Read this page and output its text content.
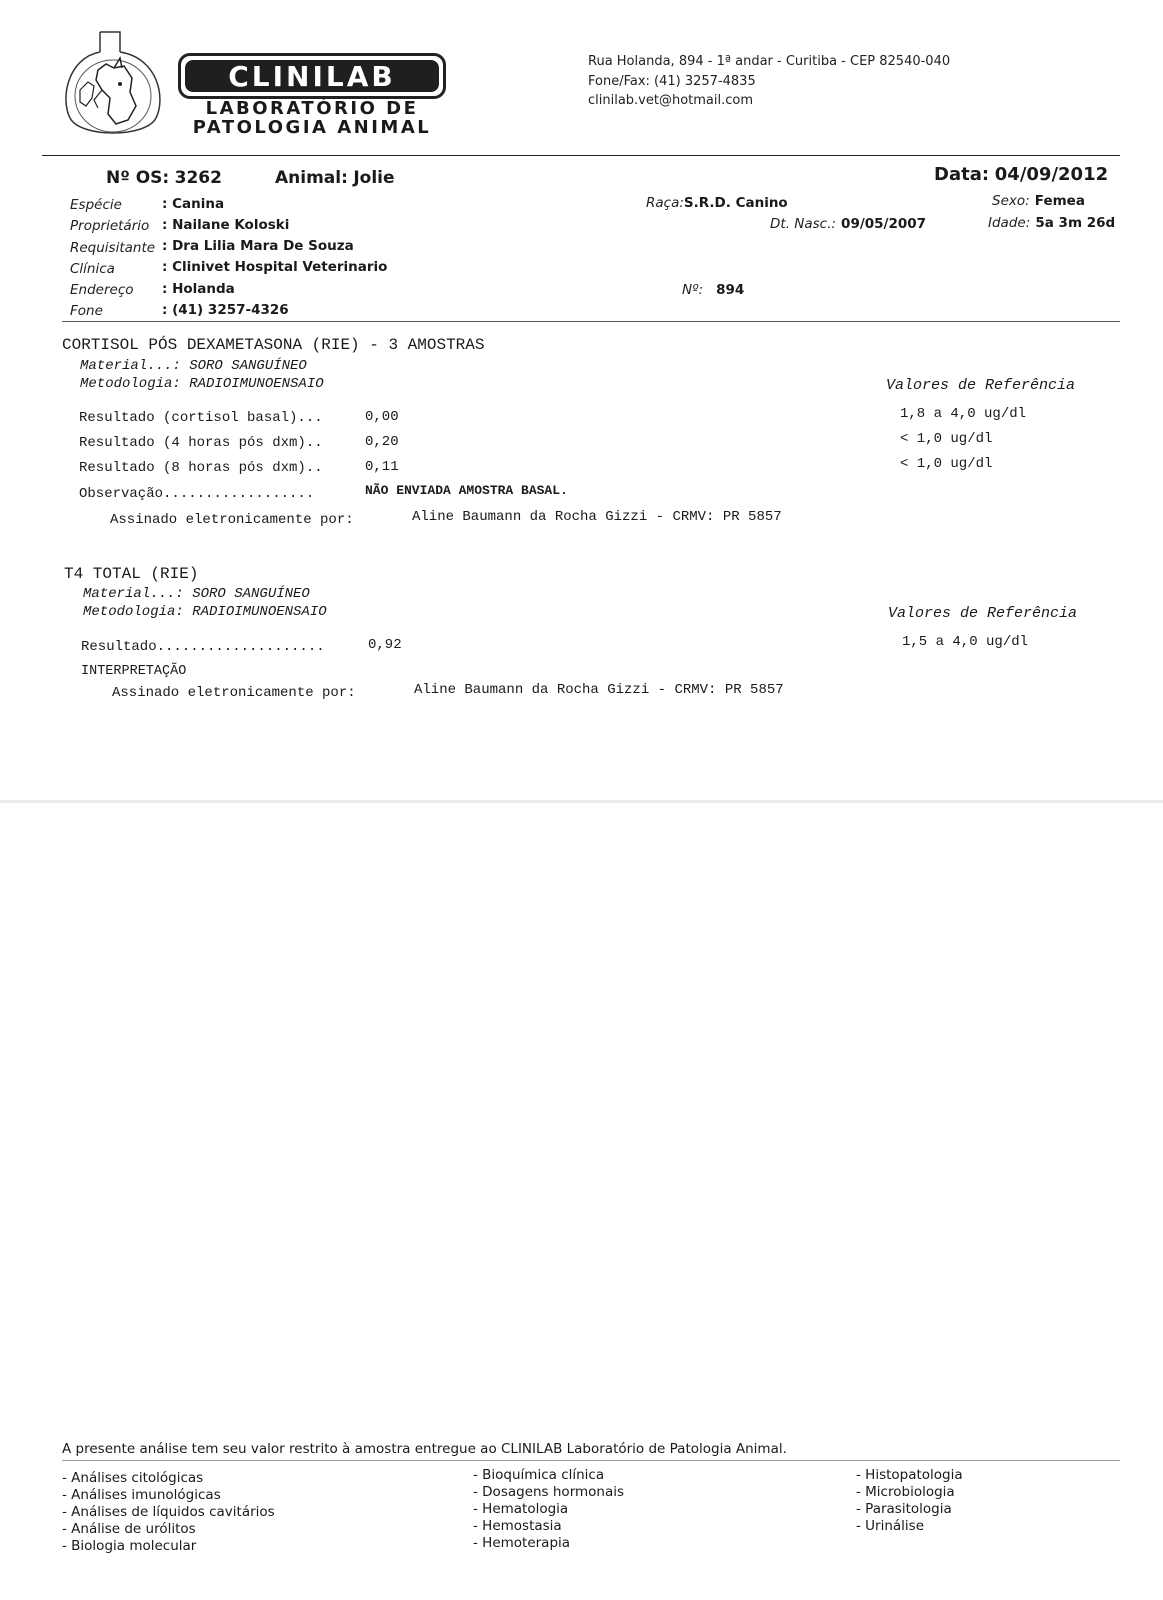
CLINILAB
LABORATÓRIO DE
PATOLOGIA ANIMAL
Rua Holanda, 894 - 1ª andar - Curitiba - CEP 82540-040
Fone/Fax: (41) 3257-4835
clinilab.vet@hotmail.com
Nº OS: 3262	Animal: Jolie	Data: 04/09/2012
Espécie	: Canina
Proprietário : Nailane Koloski
Requisitante : Dra Lilia Mara De Souza
Clínica	: Clinivet Hospital Veterinario
Endereço : Holanda
Fone	: (41) 3257-4326
Raça:S.R.D. Canino	Sexo: Femea
Dt. Nasc.: 09/05/2007	Idade: 5a 3m 26d
Nº: 894
CORTISOL PÓS DEXAMETASONA (RIE) - 3 AMOSTRAS
Material...: SORO SANGUÍNEO
Metodologia: RADIOIMUNOENSAIO	Valores de Referência
Resultado (cortisol basal)...	0,00	1,8 a 4,0 ug/dl
Resultado (4 horas pós dxm)..	0,20	< 1,0 ug/dl
Resultado (8 horas pós dxm)..	0,11	< 1,0 ug/dl
Observação..................	NÃO ENVIADA AMOSTRA BASAL.
Assinado eletronicamente por:	Aline Baumann da Rocha Gizzi - CRMV: PR 5857
T4 TOTAL (RIE)
Material...: SORO SANGUÍNEO
Metodologia: RADIOIMUNOENSAIO	Valores de Referência
Resultado....................	0,92	1,5 a 4,0 ug/dl
INTERPRETAÇÃO
Assinado eletronicamente por:	Aline Baumann da Rocha Gizzi - CRMV: PR 5857
A presente análise tem seu valor restrito à amostra entregue ao CLINILAB Laboratório de Patologia Animal.
- Análises citológicas
- Análises imunológicas
- Análises de líquidos cavitários
- Análise de urólitos
- Biologia molecular
- Bioquímica clínica
- Dosagens hormonais
- Hematologia
- Hemostasia
- Hemoterapia
- Histopatologia
- Microbiologia
- Parasitologia
- Urinálise
